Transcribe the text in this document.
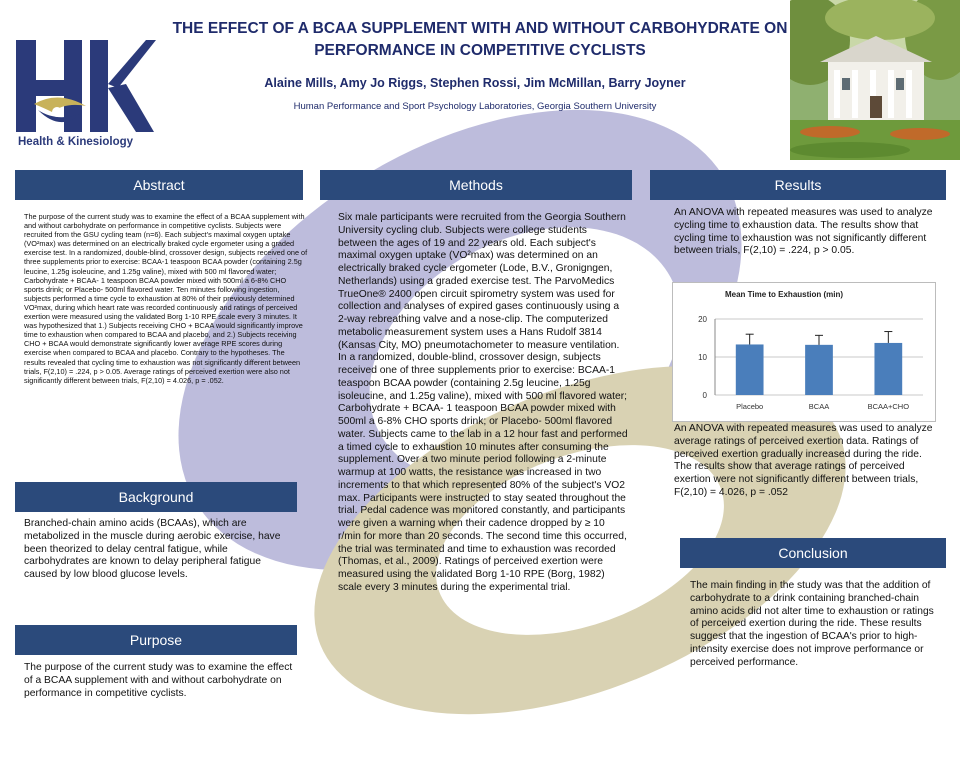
Health & Kinesiology
THE EFFECT OF A BCAA SUPPLEMENT WITH AND WITHOUT CARBOHYDRATE ON
PERFORMANCE IN COMPETITIVE CYCLISTS
Alaine Mills, Amy Jo Riggs, Stephen Rossi, Jim McMillan, Barry Joyner
Human Performance and Sport Psychology Laboratories, Georgia Southern University
Abstract	Methods	Results
Background
Purpose
Conclusion
The purpose of the current study was to examine the effect of a BCAA supplement with and without carbohydrate on performance in competitive cyclists. Subjects were recruited from the GSU cycling team (n=6). Each subject's maximal oxygen uptake (VO²max) was determined on an electrically braked cycle ergometer using a graded exercise test. In a randomized, double-blind, crossover design, subjects received one of three supplements prior to exercise: BCAA-1 teaspoon BCAA powder (containing 2.5g leucine, 1.25g isoleucine, and 1.25g valine), mixed with 500 ml flavored water; Carbohydrate + BCAA- 1 teaspoon BCAA powder mixed with 500ml a 6-8% CHO sports drink; or Placebo- 500ml flavored water. Ten minutes following ingestion, subjects performed a time cycle to exhaustion at 80% of their previously determined VO²max, during which heart rate was recorded continuously and ratings of perceived exertion were measured using the validated Borg 1-10 RPE scale every 3 minutes. It was hypothesized that 1.) Subjects receiving CHO + BCAA would significantly improve time to exhaustion when compared to BCAA and placebo, and 2.) Subjects receiving CHO + BCAA would demonstrate significantly lower average RPE scores during exercise when compared to BCAA and placebo. Contrary to the hypotheses. The results revealed that cycling time to exhaustion was not significantly different between trials, F(2,10) = .224, p > 0.05. Average ratings of perceived exertion were also not significantly different between trials, F(2,10) = 4.026, p = .052.
Branched-chain amino acids (BCAAs), which are metabolized in the muscle during aerobic exercise, have been theorized to delay central fatigue, while carbohydrates are known to delay peripheral fatigue caused by low blood glucose levels.
The purpose of the current study was to examine the effect of a BCAA supplement with and without carbohydrate on performance in competitive cyclists.
Six male participants were recruited from the Georgia Southern University cycling club. Subjects were college students between the ages of 19 and 22 years old. Each subject's maximal oxygen uptake (VO²max) was determined on an electrically braked cycle ergometer (Lode, B.V., Gronigngen, Netherlands) using a graded exercise test. The ParvoMedics TrueOne® 2400 open circuit spirometry system was used for collection and analyses of expired gases continuously using a 2-way rebreathing valve and a nose-clip. The computerized metabolic measurement system uses a Hans Rudolf 3814 (Kansas City, MO) pneumotachometer to measure ventilation. In a randomized, double-blind, crossover design, subjects received one of three supplements prior to exercise: BCAA-1 teaspoon BCAA powder (containing 2.5g leucine, 1.25g isoleucine, and 1.25g valine), mixed with 500 ml flavored water; Carbohydrate + BCAA- 1 teaspoon BCAA powder mixed with 500ml a 6-8% CHO sports drink; or Placebo- 500ml flavored water. Subjects came to the lab in a 12 hour fast and performed a timed cycle to exhaustion 10 minutes after consuming the supplement. Over a two minute period following a 2-minute warmup at 100 watts, the resistance was increased in two increments to that which represented 80% of the subject's VO2 max. Participants were instructed to stay seated throughout the trial. Pedal cadence was monitored constantly, and participants were given a warning when their cadence dropped by ≥ 10 r/min for more than 20 seconds. The second time this occurred, the trial was terminated and time to exhaustion was recorded (Thomas, et al., 2009). Ratings of perceived exertion were measured using the validated Borg 1-10 RPE (Borg, 1982) scale every 3 minutes during the experimental trial.
An ANOVA with repeated measures was used to analyze cycling time to exhaustion data. The results show that cycling time to exhaustion was not significantly different between trials, F(2,10) = .224, p > 0.05.
An ANOVA with repeated measures was used to analyze average ratings of perceived exertion data. Ratings of perceived exertion gradually increased during the ride. The results show that average ratings of perceived exertion were not significantly different between trials, F(2,10) = 4.026, p = .052
Mean Time to Exhaustion (min)
0
10
20
Placebo	BCAA	BCAA+CHO
The main finding in the study was that the addition of carbohydrate to a drink containing branched-chain amino acids did not alter time to exhaustion or ratings of perceived exertion during the ride. These results suggest that the ingestion of BCAA's prior to high-intensity exercise does not improve performance or perceived performance.
